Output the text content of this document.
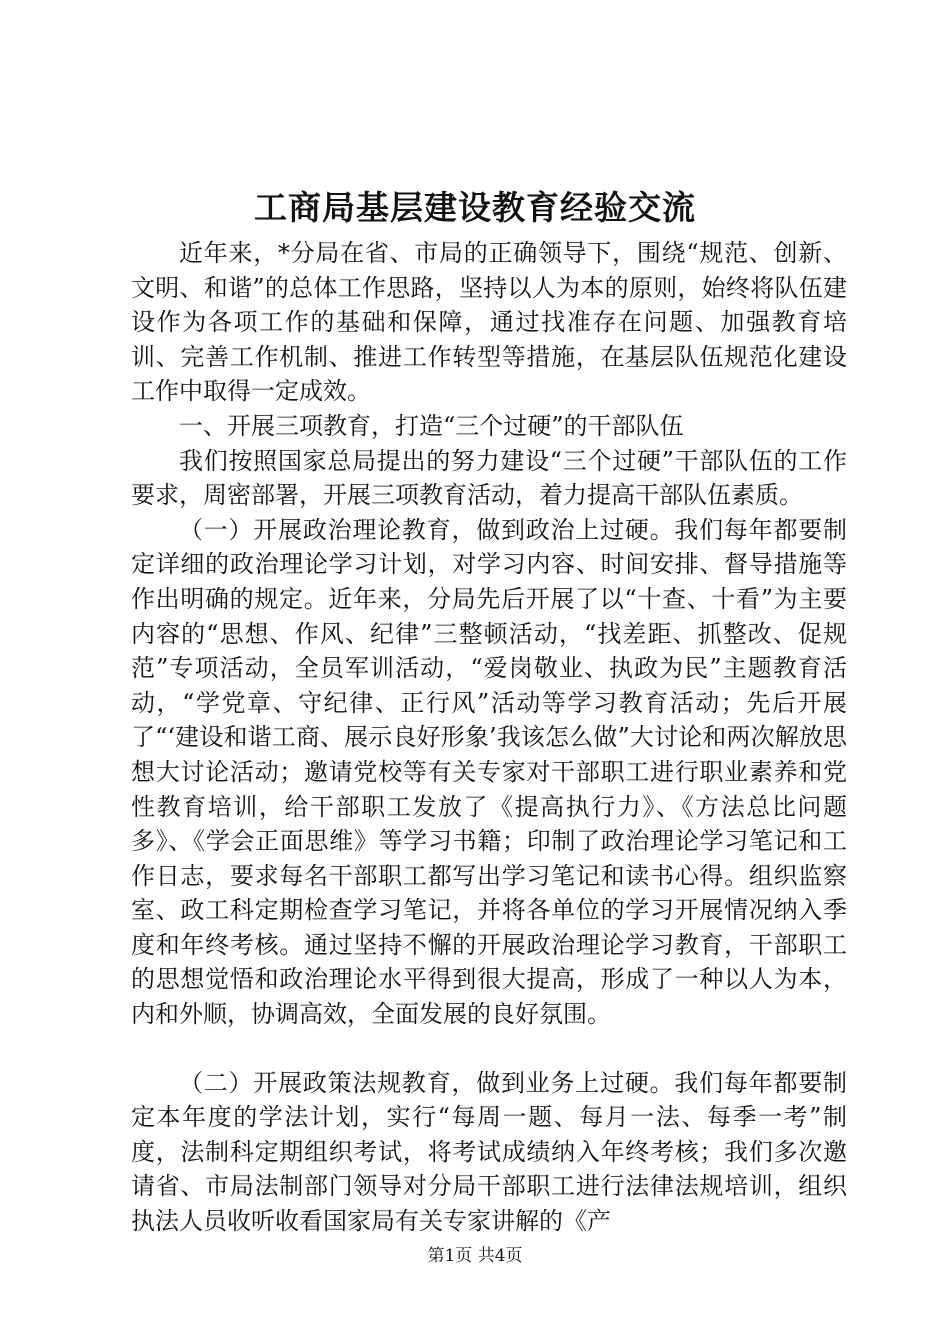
工商局基层建设教育经验交流

近年来，*分局在省、市局的正确领导下，围绕“规范、创新、文明、和谐”的总体工作思路，坚持以人为本的原则，始终将队伍建设作为各项工作的基础和保障，通过找准存在问题、加强教育培训、完善工作机制、推进工作转型等措施，在基层队伍规范化建设工作中取得一定成效。

一、开展三项教育，打造“三个过硬”的干部队伍

我们按照国家总局提出的努力建设“三个过硬”干部队伍的工作要求，周密部署，开展三项教育活动，着力提高干部队伍素质。

（一）开展政治理论教育，做到政治上过硬。我们每年都要制定详细的政治理论学习计划，对学习内容、时间安排、督导措施等作出明确的规定。近年来，分局先后开展了以“十查、十看”为主要内容的“思想、作风、纪律”三整顿活动，“找差距、抓整改、促规范”专项活动，全员军训活动，“爱岗敬业、执政为民”主题教育活动，“学党章、守纪律、正行风”活动等学习教育活动；先后开展了“‘建设和谐工商、展示良好形象’我该怎么做”大讨论和两次解放思想大讨论活动；邀请党校等有关专家对干部职工进行职业素养和党性教育培训，给干部职工发放了《提高执行力》、《方法总比问题多》、《学会正面思维》等学习书籍；印制了政治理论学习笔记和工作日志，要求每名干部职工都写出学习笔记和读书心得。组织监察室、政工科定期检查学习笔记，并将各单位的学习开展情况纳入季度和年终考核。通过坚持不懈的开展政治理论学习教育，干部职工的思想觉悟和政治理论水平得到很大提高，形成了一种以人为本，内和外顺，协调高效，全面发展的良好氛围。

（二）开展政策法规教育，做到业务上过硬。我们每年都要制定本年度的学法计划，实行“每周一题、每月一法、每季一考”制度，法制科定期组织考试，将考试成绩纳入年终考核；我们多次邀请省、市局法制部门领导对分局干部职工进行法律法规培训，组织执法人员收听收看国家局有关专家讲解的《产

第1页 共4页
